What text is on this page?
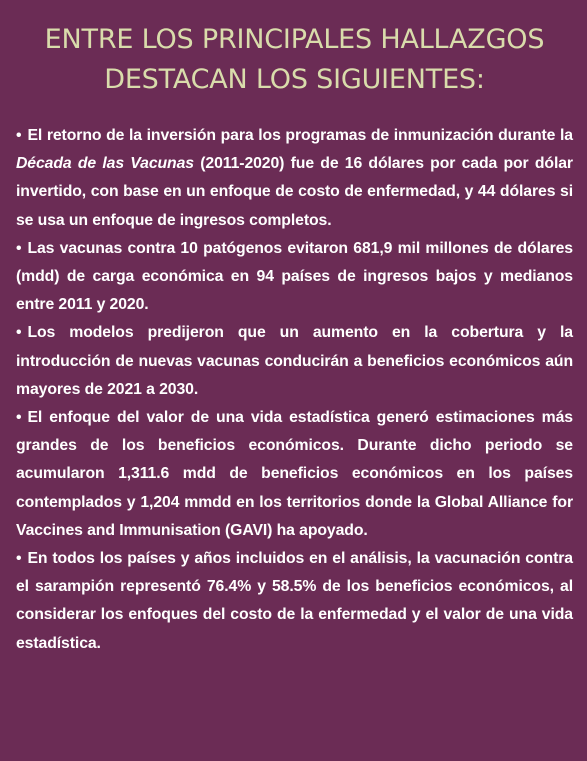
ENTRE LOS PRINCIPALES HALLAZGOS
DESTACAN LOS SIGUIENTES:
• El retorno de la inversión para los programas de inmunización durante la Década de las Vacunas (2011-2020) fue de 16 dólares por cada por dólar invertido, con base en un enfoque de costo de enfermedad, y 44 dólares si se usa un enfoque de ingresos completos.
• Las vacunas contra 10 patógenos evitaron 681,9 mil millones de dólares (mdd) de carga económica en 94 países de ingresos bajos y medianos entre 2011 y 2020.
• Los modelos predijeron que un aumento en la cobertura y la introducción de nuevas vacunas conducirán a beneficios económicos aún mayores de 2021 a 2030.
• El enfoque del valor de una vida estadística generó estimaciones más grandes de los beneficios económicos. Durante dicho periodo se acumularon 1,311.6 mdd de beneficios económicos en los países contemplados y 1,204 mmdd en los territorios donde la Global Alliance for Vaccines and Immunisation (GAVI) ha apoyado.
• En todos los países y años incluidos en el análisis, la vacunación contra el sarampión representó 76.4% y 58.5% de los beneficios económicos, al considerar los enfoques del costo de la enfermedad y el valor de una vida estadística.
